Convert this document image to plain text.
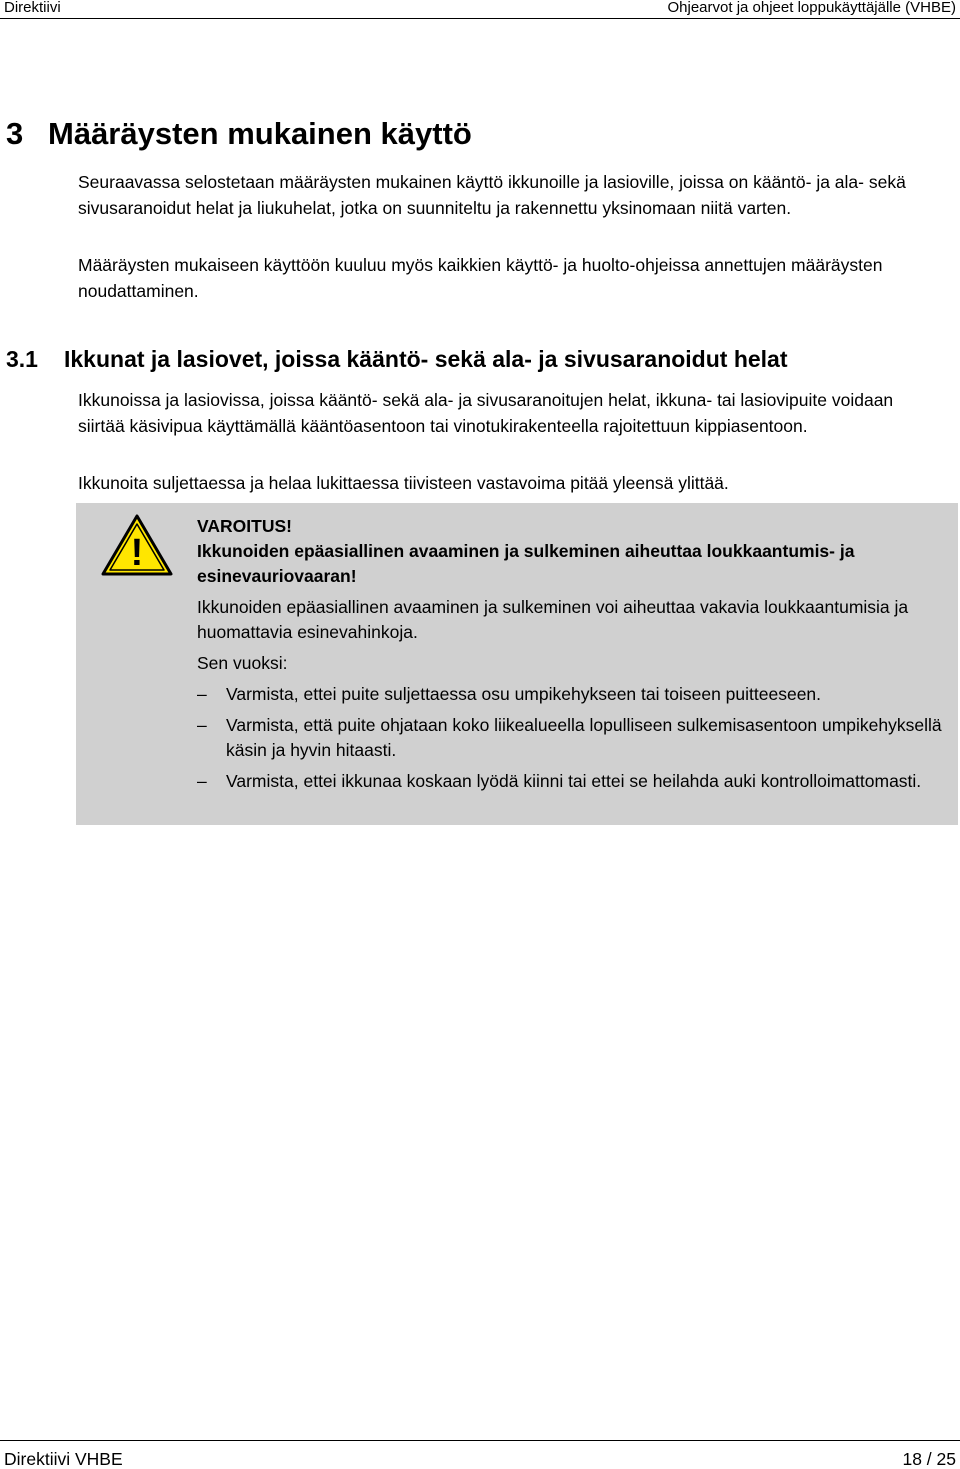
Direktiivi	Ohjearvot ja ohjeet loppukäyttäjälle (VHBE)
3 Määräysten mukainen käyttö
Seuraavassa selostetaan määräysten mukainen käyttö ikkunoille ja lasioville, joissa on kääntö- ja ala- sekä sivusaranoidut helat ja liukuhelat, jotka on suunniteltu ja rakennettu yksinomaan niitä varten.
Määräysten mukaiseen käyttöön kuuluu myös kaikkien käyttö- ja huolto-ohjeissa annettujen määräysten noudattaminen.
3.1 Ikkunat ja lasiovet, joissa kääntö- sekä ala- ja sivusaranoidut helat
Ikkunoissa ja lasiovissa, joissa kääntö- sekä ala- ja sivusaranoitujen helat, ikkuna- tai lasiovipuite voidaan siirtää käsivipua käyttämällä kääntöasentoon tai vinotukirakenteella rajoitettuun kippiasentoon.
Ikkunoita suljettaessa ja helaa lukittaessa tiivisteen vastavoima pitää yleensä ylittää.
!
VAROITUS!
Ikkunoiden epäasiallinen avaaminen ja sulkeminen aiheuttaa loukkaantumis- ja esinevauriovaaran!
Ikkunoiden epäasiallinen avaaminen ja sulkeminen voi aiheuttaa vakavia loukkaantumisia ja huomattavia esinevahinkoja.
Sen vuoksi:
– Varmista, ettei puite suljettaessa osu umpikehykseen tai toiseen puitteeseen.
– Varmista, että puite ohjataan koko liikealueella lopulliseen sulkemisasentoon umpikehyksellä käsin ja hyvin hitaasti.
– Varmista, ettei ikkunaa koskaan lyödä kiinni tai ettei se heilahda auki kontrolloimattomasti.
Direktiivi VHBE	18 / 25
